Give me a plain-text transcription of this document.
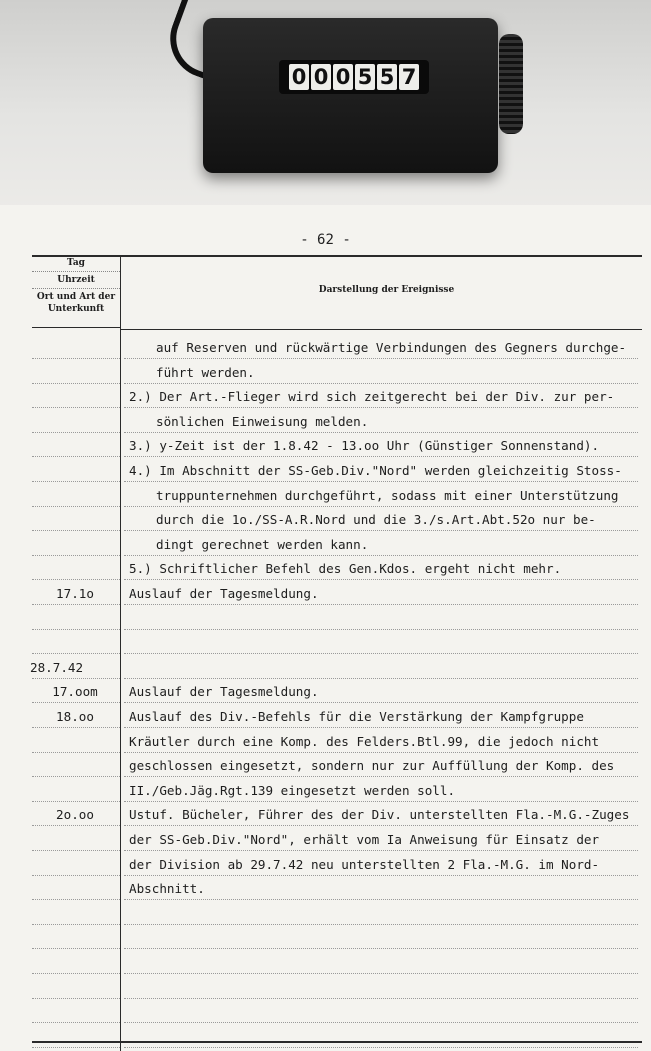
0 0 0 5 5 7
- 62 -
Tag
Uhrzeit
Ort und Art der Unterkunft
Darstellung der Ereignisse
auf Reserven und rückwärtige Verbindungen des Gegners durchge-
führt werden.
2.) Der Art.-Flieger wird sich zeitgerecht bei der Div. zur per-
sönlichen Einweisung melden.
3.) y-Zeit ist der 1.8.42 - 13.oo Uhr (Günstiger Sonnenstand).
4.) Im Abschnitt der SS-Geb.Div."Nord" werden gleichzeitig Stoss-
truppunternehmen durchgeführt, sodass mit einer Unterstützung
durch die 1o./SS-A.R.Nord und die 3./s.Art.Abt.52o nur be-
dingt gerechnet werden kann.
5.) Schriftlicher Befehl des Gen.Kdos. ergeht nicht mehr.
17.1o	Auslauf der Tagesmeldung.
28.7.42
17.oom	Auslauf der Tagesmeldung.
18.oo	Auslauf des Div.-Befehls für die Verstärkung der Kampfgruppe
Kräutler durch eine Komp. des Felders.Btl.99, die jedoch nicht
geschlossen eingesetzt, sondern nur zur Auffüllung der Komp. des
II./Geb.Jäg.Rgt.139 eingesetzt werden soll.
2o.oo	Ustuf. Bücheler, Führer des der Div. unterstellten Fla.-M.G.-Zuges
der SS-Geb.Div."Nord", erhält vom Ia Anweisung für Einsatz der
der Division ab 29.7.42 neu unterstellten 2 Fla.-M.G. im Nord-
Abschnitt.
